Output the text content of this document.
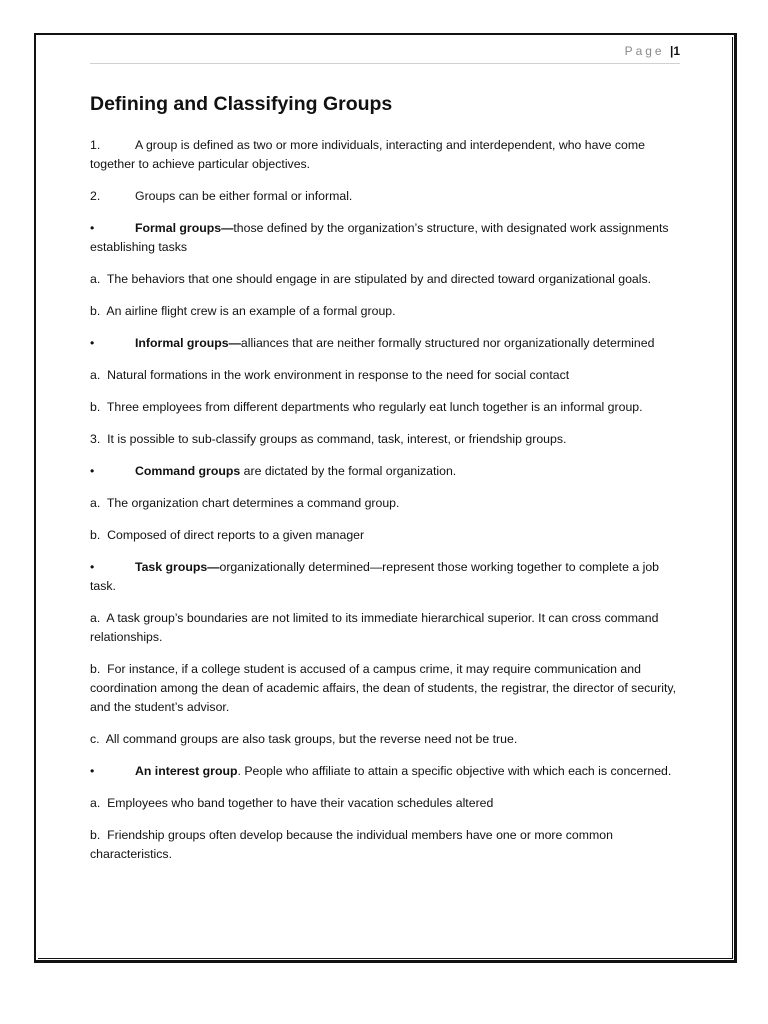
Page |1
Defining and Classifying Groups

1.	A group is defined as two or more individuals, interacting and interdependent, who have come together to achieve particular objectives.

2.	Groups can be either formal or informal.

•	Formal groups—those defined by the organization’s structure, with designated work assignments establishing tasks

a. The behaviors that one should engage in are stipulated by and directed toward organizational goals.

b. An airline flight crew is an example of a formal group.

•	Informal groups—alliances that are neither formally structured nor organizationally determined

a. Natural formations in the work environment in response to the need for social contact

b. Three employees from different departments who regularly eat lunch together is an informal group.

3. It is possible to sub-classify groups as command, task, interest, or friendship groups.

•	Command groups are dictated by the formal organization.

a. The organization chart determines a command group.

b. Composed of direct reports to a given manager

•	Task groups—organizationally determined—represent those working together to complete a job task.

a. A task group’s boundaries are not limited to its immediate hierarchical superior. It can cross command relationships.

b. For instance, if a college student is accused of a campus crime, it may require communication and coordination among the dean of academic affairs, the dean of students, the registrar, the director of security, and the student’s advisor.

c. All command groups are also task groups, but the reverse need not be true.

•	An interest group. People who affiliate to attain a specific objective with which each is concerned.

a. Employees who band together to have their vacation schedules altered

b. Friendship groups often develop because the individual members have one or more common characteristics.
